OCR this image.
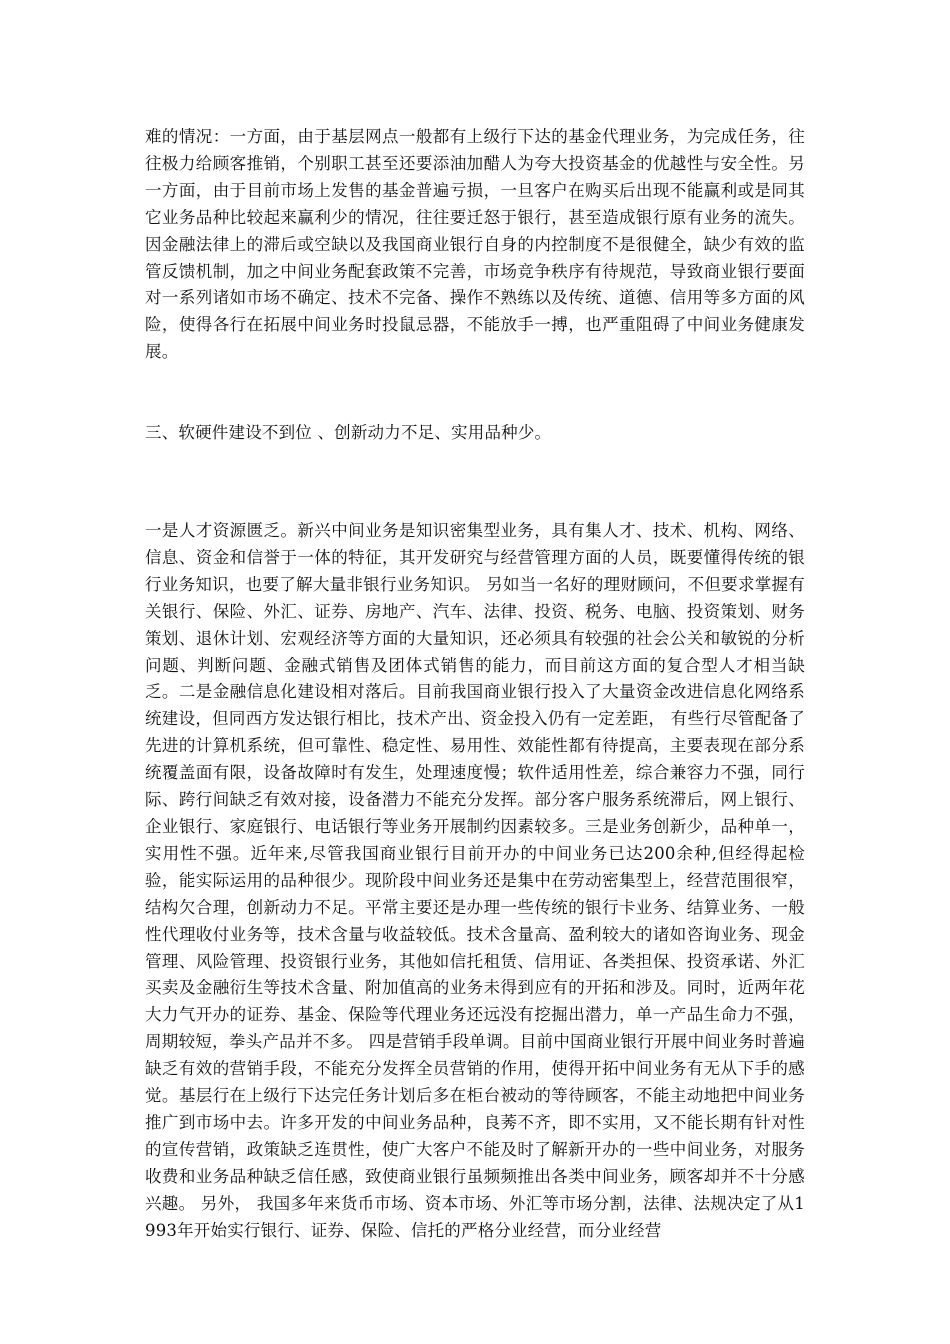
难的情况：一方面，由于基层网点一般都有上级行下达的基金代理业务，为完成任务，往往极力给顾客推销，个别职工甚至还要添油加醋人为夸大投资基金的优越性与安全性。另一方面，由于目前市场上发售的基金普遍亏损，一旦客户在购买后出现不能赢利或是同其它业务品种比较起来赢利少的情况，往往要迁怒于银行，甚至造成银行原有业务的流失。因金融法律上的滞后或空缺以及我国商业银行自身的内控制度不是很健全，缺少有效的监管反馈机制，加之中间业务配套政策不完善，市场竞争秩序有待规范，导致商业银行要面对一系列诸如市场不确定、技术不完备、操作不熟练以及传统、道德、信用等多方面的风险，使得各行在拓展中间业务时投鼠忌器，不能放手一搏，也严重阻碍了中间业务健康发展。

三、软硬件建设不到位 、创新动力不足、实用品种少。

一是人才资源匮乏。新兴中间业务是知识密集型业务，具有集人才、技术、机构、网络、信息、资金和信誉于一体的特征，其开发研究与经营管理方面的人员，既要懂得传统的银行业务知识，也要了解大量非银行业务知识。 另如当一名好的理财顾问，不但要求掌握有关银行、保险、外汇、证券、房地产、汽车、法律、投资、税务、电脑、投资策划、财务策划、退休计划、宏观经济等方面的大量知识，还必须具有较强的社会公关和敏锐的分析问题、判断问题、金融式销售及团体式销售的能力，而目前这方面的复合型人才相当缺乏。二是金融信息化建设相对落后。目前我国商业银行投入了大量资金改进信息化网络系统建设，但同西方发达银行相比，技术产出、资金投入仍有一定差距， 有些行尽管配备了先进的计算机系统，但可靠性、稳定性、易用性、效能性都有待提高，主要表现在部分系统覆盖面有限，设备故障时有发生，处理速度慢；软件适用性差，综合兼容力不强，同行际、跨行间缺乏有效对接，设备潜力不能充分发挥。部分客户服务系统滞后，网上银行、企业银行、家庭银行、电话银行等业务开展制约因素较多。三是业务创新少，品种单一，实用性不强。近年来,尽管我国商业银行目前开办的中间业务已达200余种,但经得起检验，能实际运用的品种很少。现阶段中间业务还是集中在劳动密集型上，经营范围很窄，结构欠合理，创新动力不足。平常主要还是办理一些传统的银行卡业务、结算业务、一般性代理收付业务等，技术含量与收益较低。技术含量高、盈利较大的诸如咨询业务、现金管理、风险管理、投资银行业务，其他如信托租赁、信用证、各类担保、投资承诺、外汇买卖及金融衍生等技术含量、附加值高的业务未得到应有的开拓和涉及。同时，近两年花大力气开办的证券、基金、保险等代理业务还远没有挖掘出潜力，单一产品生命力不强，周期较短，拳头产品并不多。 四是营销手段单调。目前中国商业银行开展中间业务时普遍缺乏有效的营销手段，不能充分发挥全员营销的作用，使得开拓中间业务有无从下手的感觉。基层行在上级行下达完任务计划后多在柜台被动的等待顾客，不能主动地把中间业务推广到市场中去。许多开发的中间业务品种，良莠不齐，即不实用，又不能长期有针对性的宣传营销，政策缺乏连贯性，使广大客户不能及时了解新开办的一些中间业务，对服务收费和业务品种缺乏信任感，致使商业银行虽频频推出各类中间业务，顾客却并不十分感兴趣。 另外， 我国多年来货币市场、资本市场、外汇等市场分割，法律、法规决定了从1993年开始实行银行、证券、保险、信托的严格分业经营，而分业经营
